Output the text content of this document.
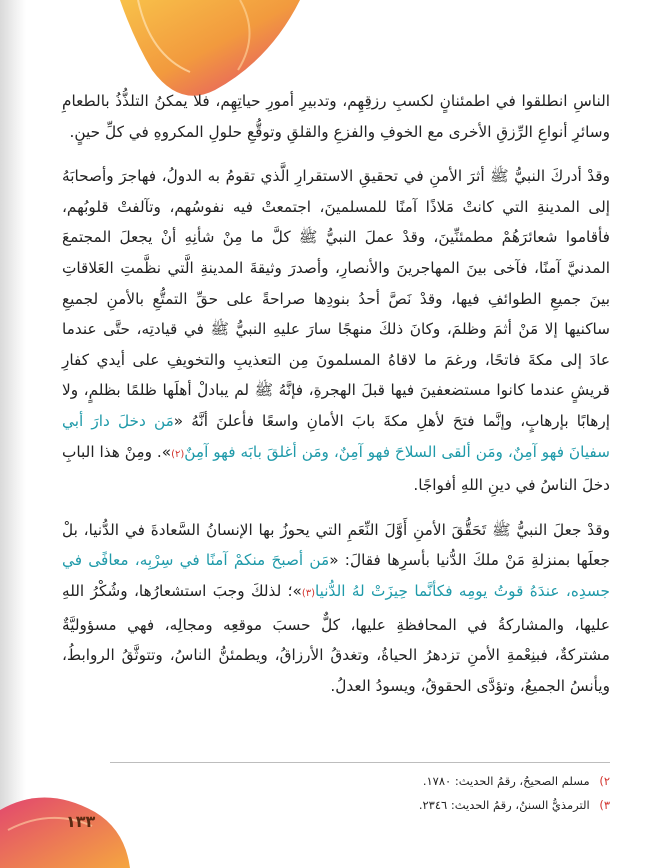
الناسِ انطلقوا في اطمئنانٍ لكسبِ رزقِهِم، وتدبيرِ أمورِ حياتِهِم، فلا يمكنُ التلذُّذُ بالطعامِ وسائرِ أنواعِ الرِّزقِ الأخرى مع الخوفِ والفزعِ والقلقِ وتوقُّعِ حلولِ المكروهِ في كلِّ حينٍ.

وقدْ أدركَ النبيُّ ﷺ أثرَ الأمنِ في تحقيقِ الاستقرارِ الَّذي تقومُ به الدولُ، فهاجرَ وأصحابَهُ إلى المدينةِ التي كانتْ مَلاذًا آمنًا للمسلمينَ، اجتمعتْ فيه نفوسُهم، وتآلفتْ قلوبُهم، فأقاموا شعائرَهُمْ مطمئنِّينَ، وقدْ عملَ النبيُّ ﷺ كلَّ ما مِنْ شأنِهِ أنْ يجعلَ المجتمعَ المدنيَّ آمنًا، فآخى بينَ المهاجرينَ والأنصارِ، وأصدرَ وثيقةَ المدينةِ الَّتي نظَّمتِ العَلاقاتِ بينَ جميعِ الطوائفِ فيها، وقدْ نَصَّ أحدُ بنودِها صراحةً على حقِّ التمتُّعِ بالأمنِ لجميعِ ساكنيها إلا مَنْ أثمَ وظلمَ، وكانَ ذلكَ منهجًا سارَ عليهِ النبيُّ ﷺ في قيادتِه، حتَّى عندما عادَ إلى مكةَ فاتحًا، ورغمَ ما لاقاهُ المسلمونَ مِن التعذيبِ والتخويفِ على أيدي كفارِ قريشٍ عندما كانوا مستضعفينَ فيها قبلَ الهجرةِ، فإنَّهُ ﷺ لم يبادلْ أهلَها ظلمًا بظلمٍ، ولا إرهابًا بإرهابٍ، وإنَّما فتحَ لأهلِ مكةَ بابَ الأمانِ واسعًا فأعلنَ أنَّهُ «مَن دخلَ دارَ أبي سفيانَ فهو آمِنٌ، ومَن ألقى السلاحَ فهو آمِنٌ، ومَن أغلقَ بابَه فهو آمِنٌ(٢)». ومِنْ هذا البابِ دخلَ الناسُ في دينِ اللهِ أفواجًا.

وقدْ جعلَ النبيُّ ﷺ تَحَقُّقَ الأمنِ أَوَّلَ النِّعَمِ التي يحوزُ بها الإنسانُ السَّعادةَ في الدُّنيا، بلْ جعلَها بمنزلةِ مَنْ ملكَ الدُّنيا بأسرِها فقالَ: «مَن أصبحَ منكمْ آمنًا في سِرْبِه، معافًى في جسدِه، عندَهُ قوتُ يومِه فكأنَّما حِيزَتْ لهُ الدُّنيا(٣)»؛ لذلكَ وجبَ استشعارُها، وشُكْرُ اللهِ عليها، والمشاركةُ في المحافظةِ عليها، كلٌّ حسبَ موقعِه ومجالِه، فهي مسؤوليَّةٌ مشتركةٌ، فبنِعْمةِ الأمنِ تزدهرُ الحياةُ، وتغدقُ الأرزاقُ، ويطمئنُّ الناسُ، وتتوثَّقُ الروابطُ، ويأنسُ الجميعُ، وتؤدَّى الحقوقُ، ويسودُ العدلُ.

٢) مسلم الصحيحُ، رقمُ الحديث: ١٧٨٠.
٣) الترمذيُّ السننُ، رقمُ الحديث: ٢٣٤٦.
١٣٣
